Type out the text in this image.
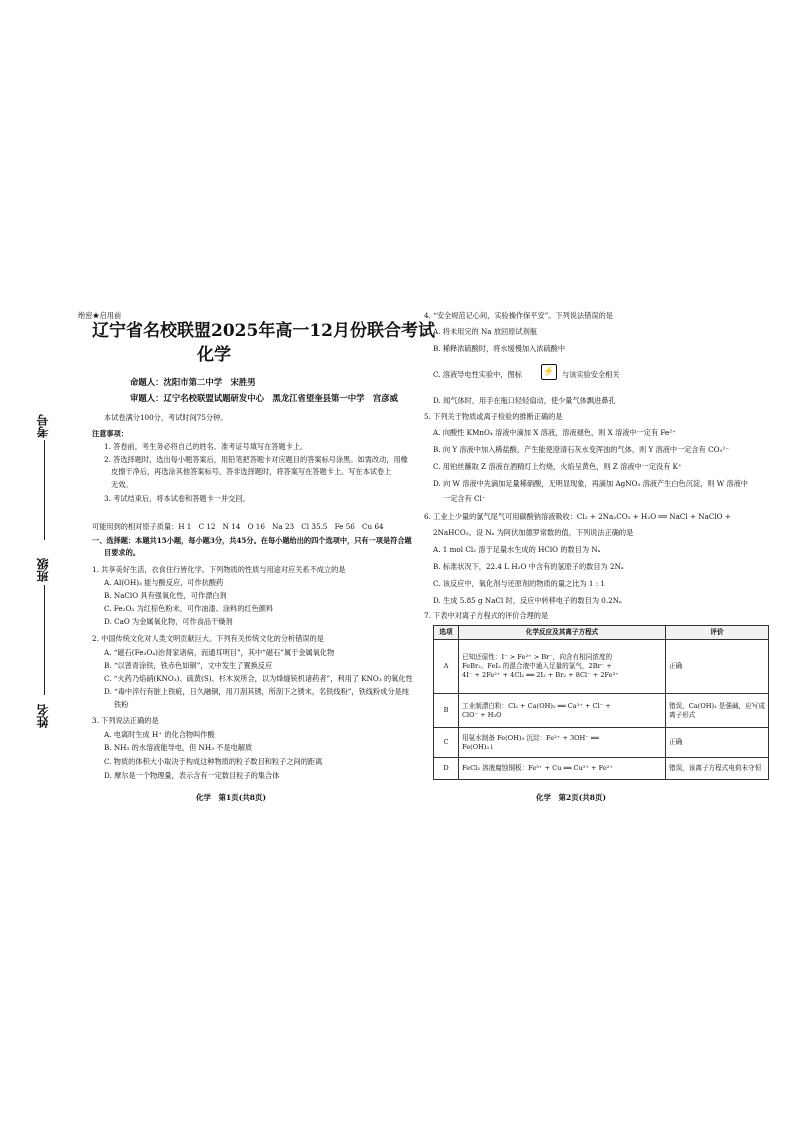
绝密★启用前
辽宁省名校联盟2025年高一12月份联合考试
化学
命题人：沈阳市第二中学　宋胜男
审题人：辽宁名校联盟试题研发中心　黑龙江省望奎县第一中学　宫彦威
本试卷满分100分，考试时间75分钟。
注意事项：
1. 答卷前，考生务必将自己的姓名、准考证号填写在答题卡上。
2. 答选择题时，选出每小题答案后，用铅笔把答题卡对应题目的答案标号涂黑。如需改动，用橡
皮擦干净后，再选涂其他答案标号。答非选择题时，将答案写在答题卡上。写在本试卷上
无效。
3. 考试结束后，将本试卷和答题卡一并交回。
可能用到的相对原子质量：H 1　C 12　N 14　O 16　Na 23　Cl 35.5　Fe 56　Cu 64
一、选择题：本题共15小题，每小题3分，共45分。在每小题给出的四个选项中，只有一项是符合题
目要求的。
考号
班级
姓名
1. 共享美好生活，衣食住行皆化学。下列物质的性质与用途对应关系不成立的是
A. Al(OH)₃ 能与酸反应，可作抗酸药
B. NaClO 具有强氧化性，可作漂白剂
C. Fe₂O₃ 为红棕色粉末，可作油漆、涂料的红色颜料
D. CaO 为金属氧化物，可作食品干燥剂
2. 中国传统文化对人类文明贡献巨大。下列有关传统文化的分析错误的是
A. “磁石(Fe₃O₄)治肾家诸病，而通耳明目”，其中“磁石”属于金属氧化物
B. “以曾青涂铁，铁赤色如铜”，文中发生了置换反应
C. “火药乃焰硝(KNO₃)、硫黄(S)、杉木炭所合，以为烽燧铳机诸药者”，利用了 KNO₃ 的氧化性
D. “毒中淬行有脏上铁疵，日久融铜，用刀刮其锈，所刮下之锈末，名铁线粉”，铁线粉成分是纯
铁粉
3. 下列说法正确的是
A. 电离时生成 H⁺ 的化合物叫作酸
B. NH₃ 的水溶液能导电，但 NH₃ 不是电解质
C. 物质的体积大小取决于构成这种物质的粒子数目和粒子之间的距离
D. 摩尔是一个物理量，表示含有一定数目粒子的集合体
化学　第1页(共8页)
4. “安全规范记心间，实验操作保平安”。下列说法错误的是
A. 将未用完的 Na 放回原试剂瓶
B. 稀释浓硫酸时，将水缓慢加入浓硫酸中
C. 溶液导电性实验中，图标 ⚡	与该实验安全相关
D. 闻气体时，用手在瓶口轻轻扇动，使少量气体飘进鼻孔
5. 下列关于物质或离子检验的推断正确的是
A. 向酸性 KMnO₄ 溶液中滴加 X 溶液，溶液褪色，则 X 溶液中一定有 Fe²⁺
B. 向 Y 溶液中加入稀盐酸，产生能使澄清石灰水变浑浊的气体，则 Y 溶液中一定含有 CO₃²⁻
C. 用铂丝蘸取 Z 溶液在酒精灯上灼烧，火焰呈黄色，则 Z 溶液中一定没有 K⁺
D. 向 W 溶液中先滴加足量稀硝酸，无明显现象，再滴加 AgNO₃ 溶液产生白色沉淀，则 W 溶液中
一定含有 Cl⁻
6. 工业上少量的氯气尾气可用碳酸钠溶液吸收：Cl₂ + 2Na₂CO₃ + H₂O ══ NaCl + NaClO +
2NaHCO₃。设 Nₐ 为阿伏加德罗常数的值，下列说法正确的是
A. 1 mol Cl₂ 溶于足量水生成的 HClO 的数目为 Nₐ
B. 标准状况下，22.4 L H₂O 中含有的氢原子的数目为 2Nₐ
C. 该反应中，氧化剂与还原剂的物质的量之比为 1 : 1
D. 生成 5.85 g NaCl 时，反应中转移电子的数目为 0.2Nₐ
7. 下表中对离子方程式的评价合理的是
选项	化学反应及其离子方程式	评价
A	已知还原性：I⁻ > Fe²⁺ > Br⁻，向含有相同浓度的
FeBr₂、FeI₂ 的混合液中通入足量的氯气，2Br⁻ +
4I⁻ + 2Fe²⁺ + 4Cl₂ ══ 2I₂ + Br₂ + 8Cl⁻ + 2Fe³⁺	正确
B	工业制漂白粉：Cl₂ + Ca(OH)₂ ══ Ca²⁺ + Cl⁻ +
ClO⁻ + H₂O	错误，Ca(OH)₂ 是强碱，应写成离子形式
C	用氨水制备 Fe(OH)₃ 沉淀：Fe³⁺ + 3OH⁻ ══
Fe(OH)₃↓	正确
D	FeCl₃ 溶液腐蚀铜板：Fe³⁺ + Cu ══ Cu²⁺ + Fe²⁺	错误，该离子方程式电荷未守恒
化学　第2页(共8页)
